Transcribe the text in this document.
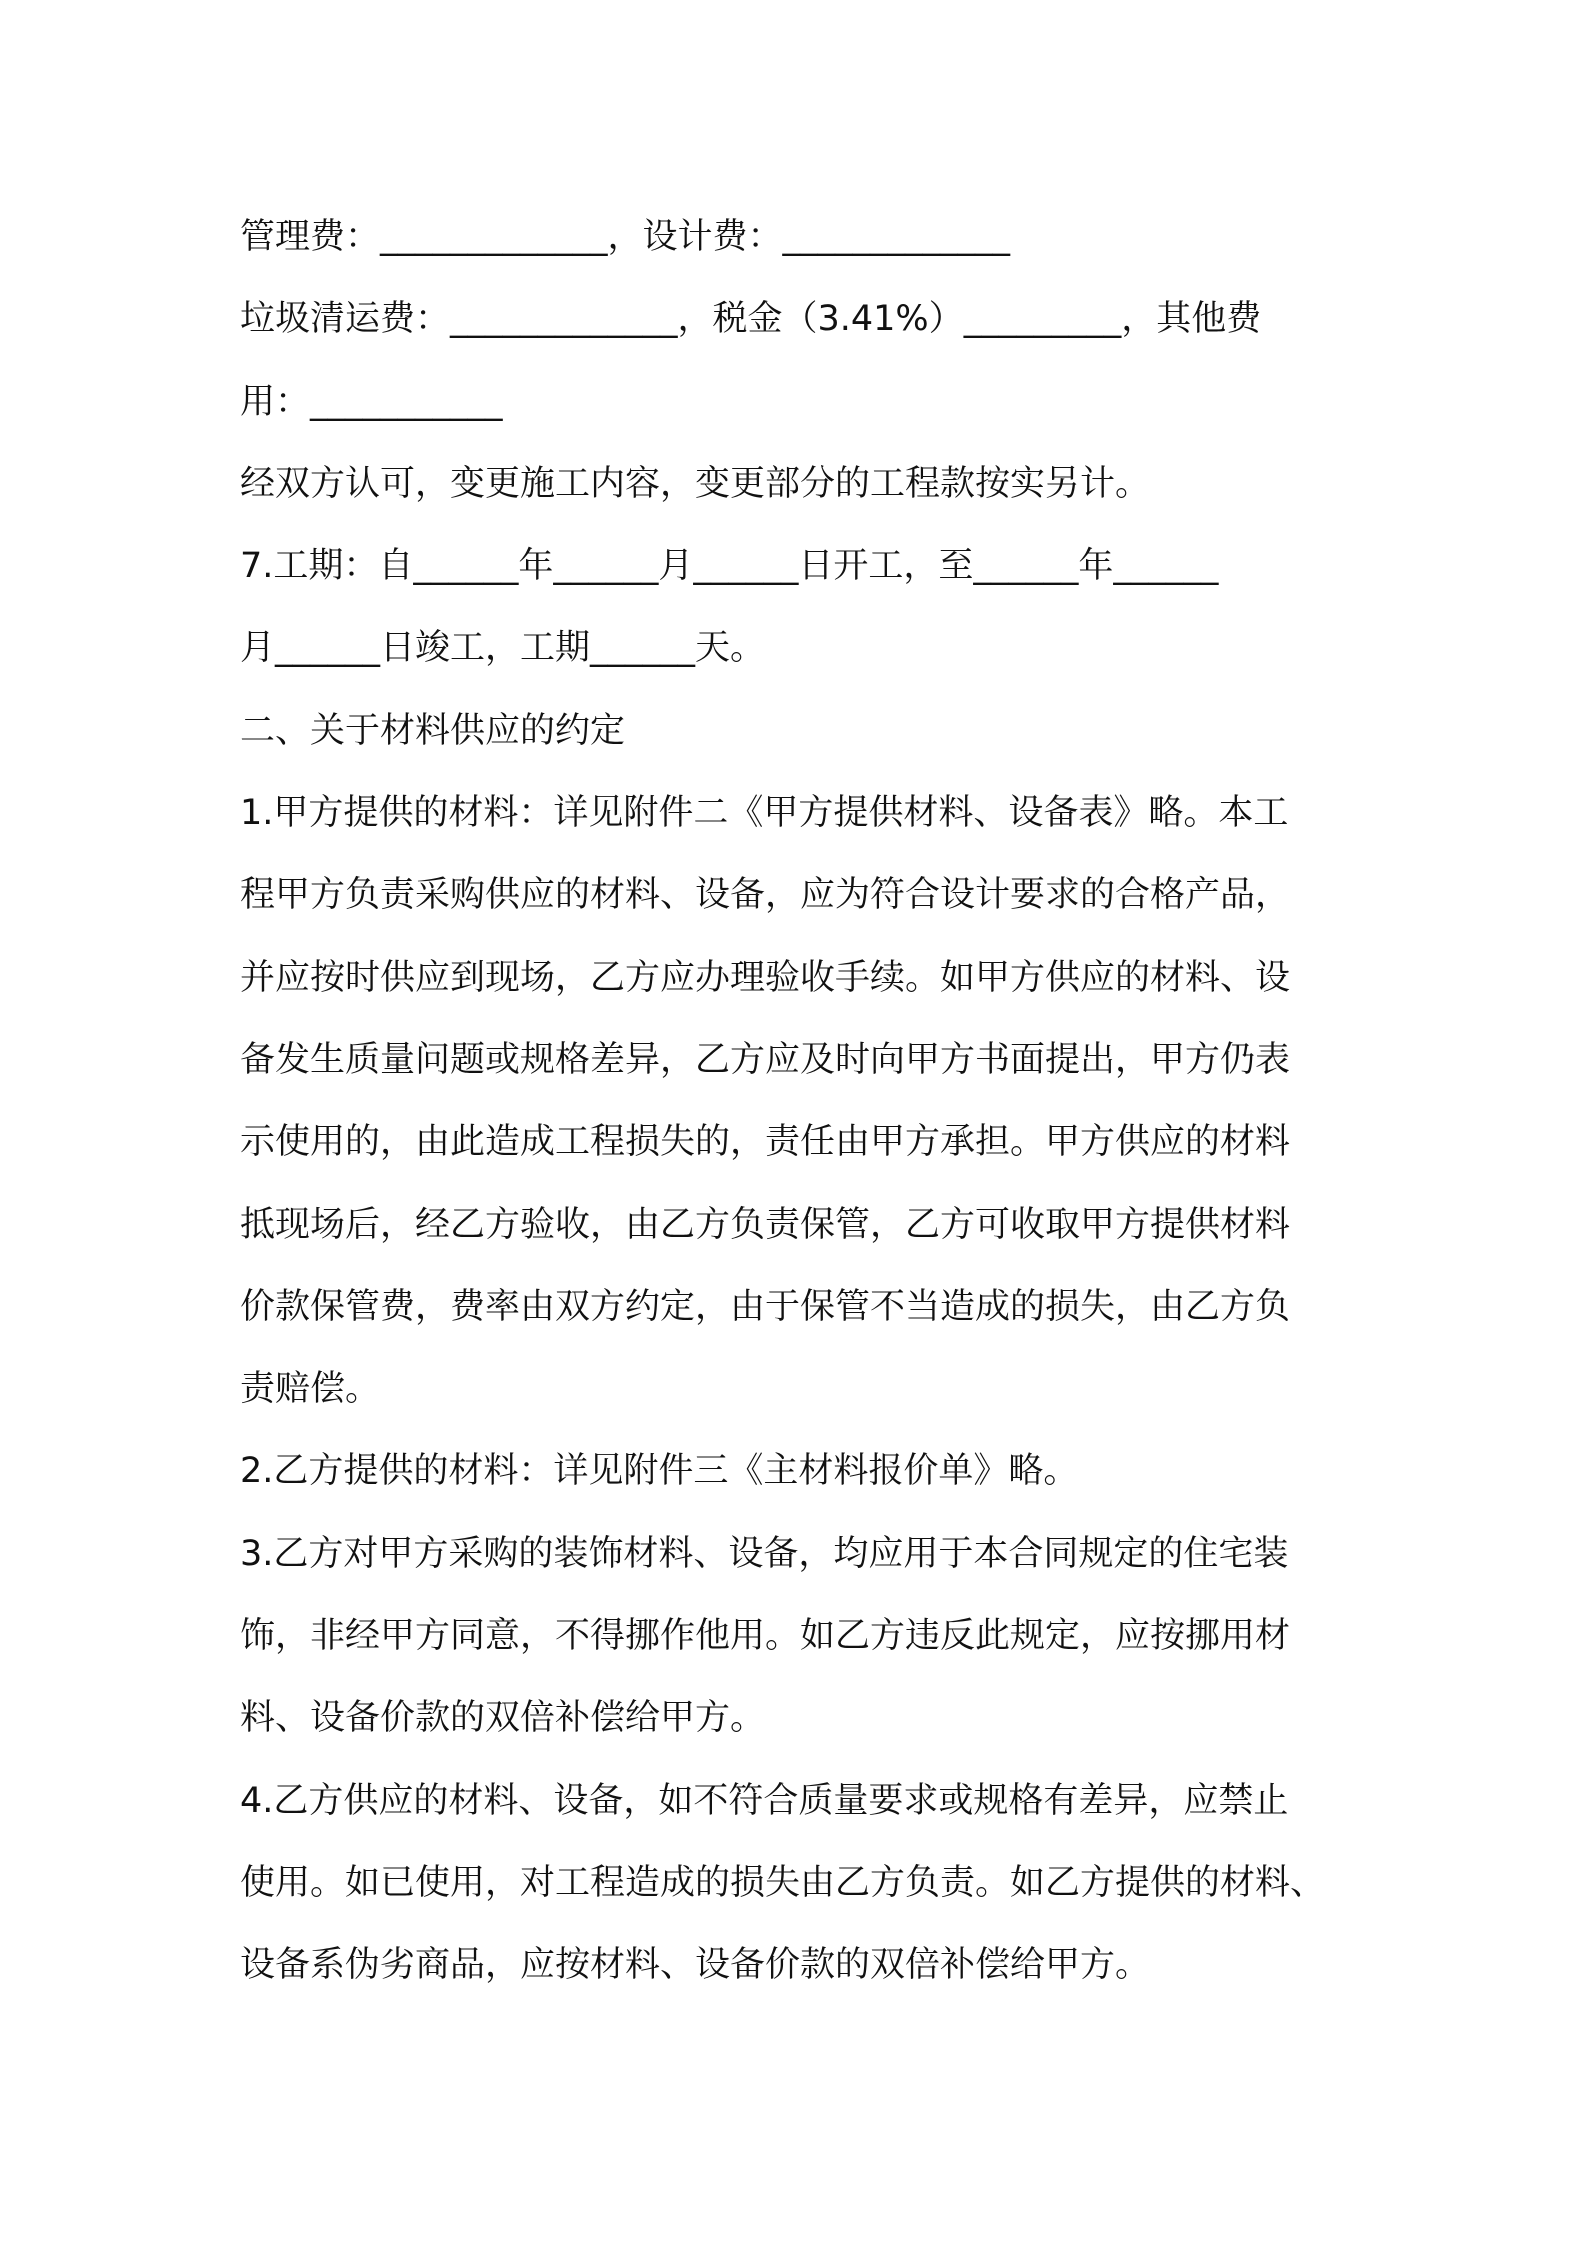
管理费：_____________，设计费：_____________
垃圾清运费：_____________，税金（3.41%）_________，其他费
用：___________
经双方认可，变更施工内容，变更部分的工程款按实另计。
7.工期：自______年______月______日开工，至______年______
月______日竣工，工期______天。
二、关于材料供应的约定
1.甲方提供的材料：详见附件二《甲方提供材料、设备表》略。本工
程甲方负责采购供应的材料、设备，应为符合设计要求的合格产品，
并应按时供应到现场，乙方应办理验收手续。如甲方供应的材料、设
备发生质量问题或规格差异，乙方应及时向甲方书面提出，甲方仍表
示使用的，由此造成工程损失的，责任由甲方承担。甲方供应的材料
抵现场后，经乙方验收，由乙方负责保管，乙方可收取甲方提供材料
价款保管费，费率由双方约定，由于保管不当造成的损失，由乙方负
责赔偿。
2.乙方提供的材料：详见附件三《主材料报价单》略。
3.乙方对甲方采购的装饰材料、设备，均应用于本合同规定的住宅装
饰，非经甲方同意，不得挪作他用。如乙方违反此规定，应按挪用材
料、设备价款的双倍补偿给甲方。
4.乙方供应的材料、设备，如不符合质量要求或规格有差异，应禁止
使用。如已使用，对工程造成的损失由乙方负责。如乙方提供的材料、
设备系伪劣商品，应按材料、设备价款的双倍补偿给甲方。
